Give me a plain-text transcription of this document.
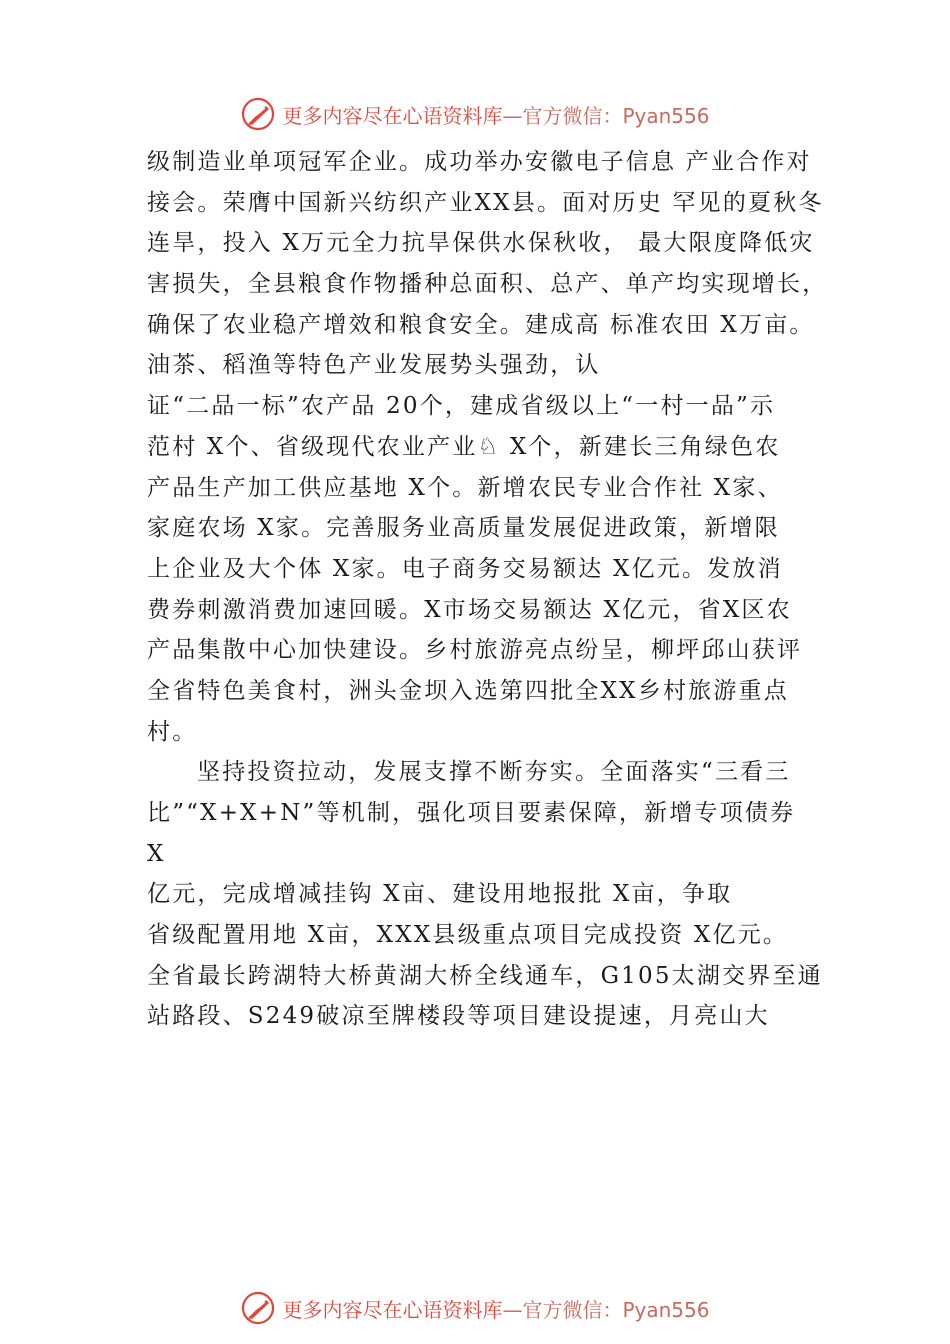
更多内容尽在心语资料库—官方微信：Pyan556
级制造业单项冠军企业。成功举办安徽电子信息 产业合作对
接会。荣膺中国新兴纺织产业XX县。面对历史 罕见的夏秋冬
连旱，投入 X万元全力抗旱保供水保秋收， 最大限度降低灾
害损失，全县粮食作物播种总面积、总产、单产均实现增长，
确保了农业稳产增效和粮食安全。建成高 标准农田 X万亩。
油茶、稻渔等特色产业发展势头强劲，认
证“二品一标”农产品 20个，建成省级以上“一村一品”示
范村 X个、省级现代农业产业♘ X个，新建长三角绿色农
产品生产加工供应基地 X个。新增农民专业合作社 X家、
家庭农场 X家。完善服务业高质量发展促进政策，新增限
上企业及大个体 X家。电子商务交易额达 X亿元。发放消
费券刺激消费加速回暖。X市场交易额达 X亿元，省X区农
产品集散中心加快建设。乡村旅游亮点纷呈，柳坪邱山获评
全省特色美食村，洲头金坝入选第四批全XX乡村旅游重点
村。
坚持投资拉动，发展支撑不断夯实。全面落实“三看三
比”“X+X+N”等机制，强化项目要素保障，新增专项债券
X
亿元，完成增减挂钩 X亩、建设用地报批 X亩，争取
省级配置用地 X亩，XXX县级重点项目完成投资 X亿元。
全省最长跨湖特大桥黄湖大桥全线通车，G105太湖交界至通
站路段、S249破凉至牌楼段等项目建设提速，月亮山大
更多内容尽在心语资料库—官方微信：Pyan556
